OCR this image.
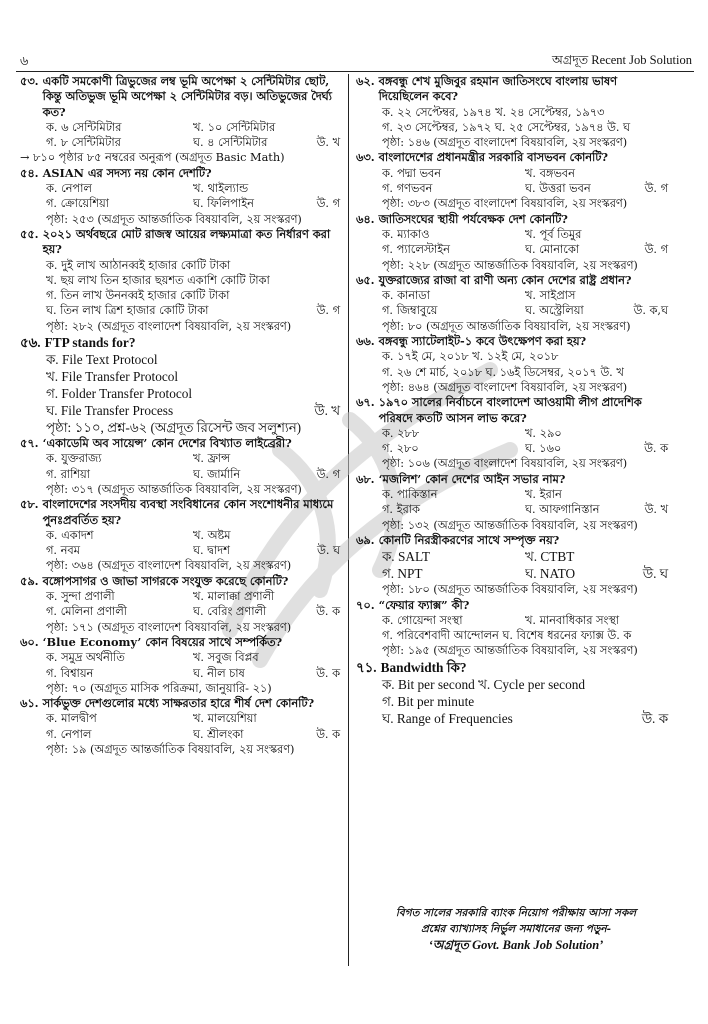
৬	অগ্রদূত Recent Job Solution
৫৩. একটি সমকোণী ত্রিভুজের লম্ব ভূমি অপেক্ষা ২ সেন্টিমিটার ছোট, কিন্তু অতিভুজ ভূমি অপেক্ষা ২ সেন্টিমিটার বড়। অতিভুজের দৈর্ঘ্য কত?
ক. ৬ সেন্টিমিটার	খ. ১০ সেন্টিমিটার
গ. ৮ সেন্টিমিটার	ঘ. ৪ সেন্টিমিটার	উ. খ
→ ৮১০ পৃষ্ঠার ৮৫ নম্বরের অনুরূপ (অগ্রদূত Basic Math)
৫৪. ASIAN এর সদস্য নয় কোন দেশটি?
ক. নেপাল	খ. থাইল্যান্ড
গ. ক্রোয়েশিয়া	ঘ. ফিলিপাইন	উ. গ
পৃষ্ঠা: ২৫৩ (অগ্রদূত আন্তর্জাতিক বিষয়াবলি, ২য় সংস্করণ)
৫৫. ২০২১ অর্থবছরে মোট রাজস্ব আয়ের লক্ষ্যমাত্রা কত নির্ধারণ করা হয়?
ক. দুই লাখ আঠানব্বই হাজার কোটি টাকা
খ. ছয় লাখ তিন হাজার ছয়শত একাশি কোটি টাকা
গ. তিন লাখ উননব্বই হাজার কোটি টাকা
ঘ. তিন লাখ ত্রিশ হাজার কোটি টাকা	উ. গ
পৃষ্ঠা: ২৮২ (অগ্রদূত বাংলাদেশ বিষয়াবলি, ২য় সংস্করণ)
৫৬. FTP stands for?
ক. File Text Protocol
খ. File Transfer Protocol
গ. Folder Transfer Protocol
ঘ. File Transfer Process	উ. খ
পৃষ্ঠা: ১১০, প্রশ্ন-৬২ (অগ্রদূত রিসেন্ট জব সলুশ্যন)
৫৭. ‘একাডেমি অব সায়েন্স’ কোন দেশের বিখ্যাত লাইব্রেরী?
ক. যুক্তরাজ্য	খ. ফ্রান্স
গ. রাশিয়া	ঘ. জার্মানি	উ. গ
পৃষ্ঠা: ৩১৭ (অগ্রদূত আন্তর্জাতিক বিষয়াবলি, ২য় সংস্করণ)
৫৮. বাংলাদেশের সংসদীয় ব্যবস্থা সংবিধানের কোন সংশোধনীর মাধ্যমে পুনঃপ্রবর্তিত হয়?
ক. একাদশ	খ. অষ্টম
গ. নবম	ঘ. দ্বাদশ	উ. ঘ
পৃষ্ঠা: ৩৬৪ (অগ্রদূত বাংলাদেশ বিষয়াবলি, ২য় সংস্করণ)
৫৯. বঙ্গোপসাগর ও জাভা সাগরকে সংযুক্ত করেছে কোনটি?
ক. সুন্দা প্রণালী	খ. মালাক্কা প্রণালী
গ. মেলিনা প্রণালী	ঘ. বেরিং প্রণালী	উ. ক
পৃষ্ঠা: ১৭১ (অগ্রদূত বাংলাদেশ বিষয়াবলি, ২য় সংস্করণ)
৬০. ‘Blue Economy’ কোন বিষয়ের সাথে সম্পর্কিত?
ক. সমুদ্র অর্থনীতি	খ. সবুজ বিপ্লব
গ. বিশ্বায়ন	ঘ. নীল চাষ	উ. ক
পৃষ্ঠা: ৭০ (অগ্রদূত মাসিক পরিক্রমা, জানুয়ারি- ২১)
৬১. সার্কভুক্ত দেশগুলোর মধ্যে সাক্ষরতার হারে শীর্ষ দেশ কোনটি?
ক. মালদ্বীপ	খ. মালয়েশিয়া
গ. নেপাল	ঘ. শ্রীলংকা	উ. ক
পৃষ্ঠা: ১৯ (অগ্রদূত আন্তর্জাতিক বিষয়াবলি, ২য় সংস্করণ)
৬২. বঙ্গবন্ধু শেখ মুজিবুর রহমান জাতিসংঘে বাংলায় ভাষণ দিয়েছিলেন কবে?
ক. ২২ সেপ্টেম্বর, ১৯৭৪ খ. ২৪ সেপ্টেম্বর, ১৯৭৩
গ. ২৩ সেপ্টেম্বর, ১৯৭২ ঘ. ২৫ সেপ্টেম্বর, ১৯৭৪ উ. ঘ
পৃষ্ঠা: ১৪৬ (অগ্রদূত বাংলাদেশ বিষয়াবলি, ২য় সংস্করণ)
৬৩. বাংলাদেশের প্রধানমন্ত্রীর সরকারি বাসভবন কোনটি?
ক. পদ্মা ভবন	খ. বঙ্গভবন
গ. গণভবন	ঘ. উত্তরা ভবন	উ. গ
পৃষ্ঠা: ৩৮৩ (অগ্রদূত বাংলাদেশ বিষয়াবলি, ২য় সংস্করণ)
৬৪. জাতিসংঘের স্থায়ী পর্যবেক্ষক দেশ কোনটি?
ক. ম্যাকাও	খ. পূর্ব তিমুর
গ. প্যালেস্টাইন	ঘ. মোনাকো	উ. গ
পৃষ্ঠা: ২২৮ (অগ্রদূত আন্তর্জাতিক বিষয়াবলি, ২য় সংস্করণ)
৬৫. যুক্তরাজ্যের রাজা বা রাণী অন্য কোন দেশের রাষ্ট্র প্রধান?
ক. কানাডা	খ. সাইপ্রাস
গ. জিম্বাবুয়ে	ঘ. অস্ট্রেলিয়া	উ. ক,ঘ
পৃষ্ঠা: ৮০ (অগ্রদূত আন্তর্জাতিক বিষয়াবলি, ২য় সংস্করণ)
৬৬. বঙ্গবন্ধু স্যাটেলাইট-১ কবে উৎক্ষেপণ করা হয়?
ক. ১৭ই মে, ২০১৮ খ. ১২ই মে, ২০১৮
গ. ২৬ শে মার্চ, ২০১৮ ঘ. ১৬ই ডিসেম্বর, ২০১৭ উ. খ
পৃষ্ঠা: ৪৬৪ (অগ্রদূত বাংলাদেশ বিষয়াবলি, ২য় সংস্করণ)
৬৭. ১৯৭০ সালের নির্বাচনে বাংলাদেশ আওয়ামী লীগ প্রাদেশিক পরিষদে কতটি আসন লাভ করে?
ক. ২৮৮	খ. ২৯০
গ. ২৮০	ঘ. ১৬০	উ. ক
পৃষ্ঠা: ১০৬ (অগ্রদূত বাংলাদেশ বিষয়াবলি, ২য় সংস্করণ)
৬৮. ‘মজলিশ’ কোন দেশের আইন সভার নাম?
ক. পাকিস্তান	খ. ইরান
গ. ইরাক	ঘ. আফগানিস্তান	উ. খ
পৃষ্ঠা: ১৩২ (অগ্রদূত আন্তর্জাতিক বিষয়াবলি, ২য় সংস্করণ)
৬৯. কোনটি নিরস্ত্রীকরণের সাথে সম্পৃক্ত নয়?
ক. SALT	খ. CTBT
গ. NPT	ঘ. NATO	উ. ঘ
পৃষ্ঠা: ১৮০ (অগ্রদূত আন্তর্জাতিক বিষয়াবলি, ২য় সংস্করণ)
৭০. “ফেয়ার ফ্যাক্স” কী?
ক. গোয়েন্দা সংস্থা	খ. মানবাধিকার সংস্থা
গ. পরিবেশবাদী আন্দোলন ঘ. বিশেষ ধরনের ফ্যাক্স উ. ক
পৃষ্ঠা: ১৯৫ (অগ্রদূত আন্তর্জাতিক বিষয়াবলি, ২য় সংস্করণ)
৭১. Bandwidth কি?
ক. Bit per second খ. Cycle per second
গ. Bit per minute
ঘ. Range of Frequencies	উ. ক
বিগত সালের সরকারি ব্যাংক নিয়োগ পরীক্ষায় আসা সকল
প্রশ্নের ব্যাখ্যাসহ নির্ভুল সমাধানের জন্য পড়ুন-
‘অগ্রদূত Govt. Bank Job Solution’
